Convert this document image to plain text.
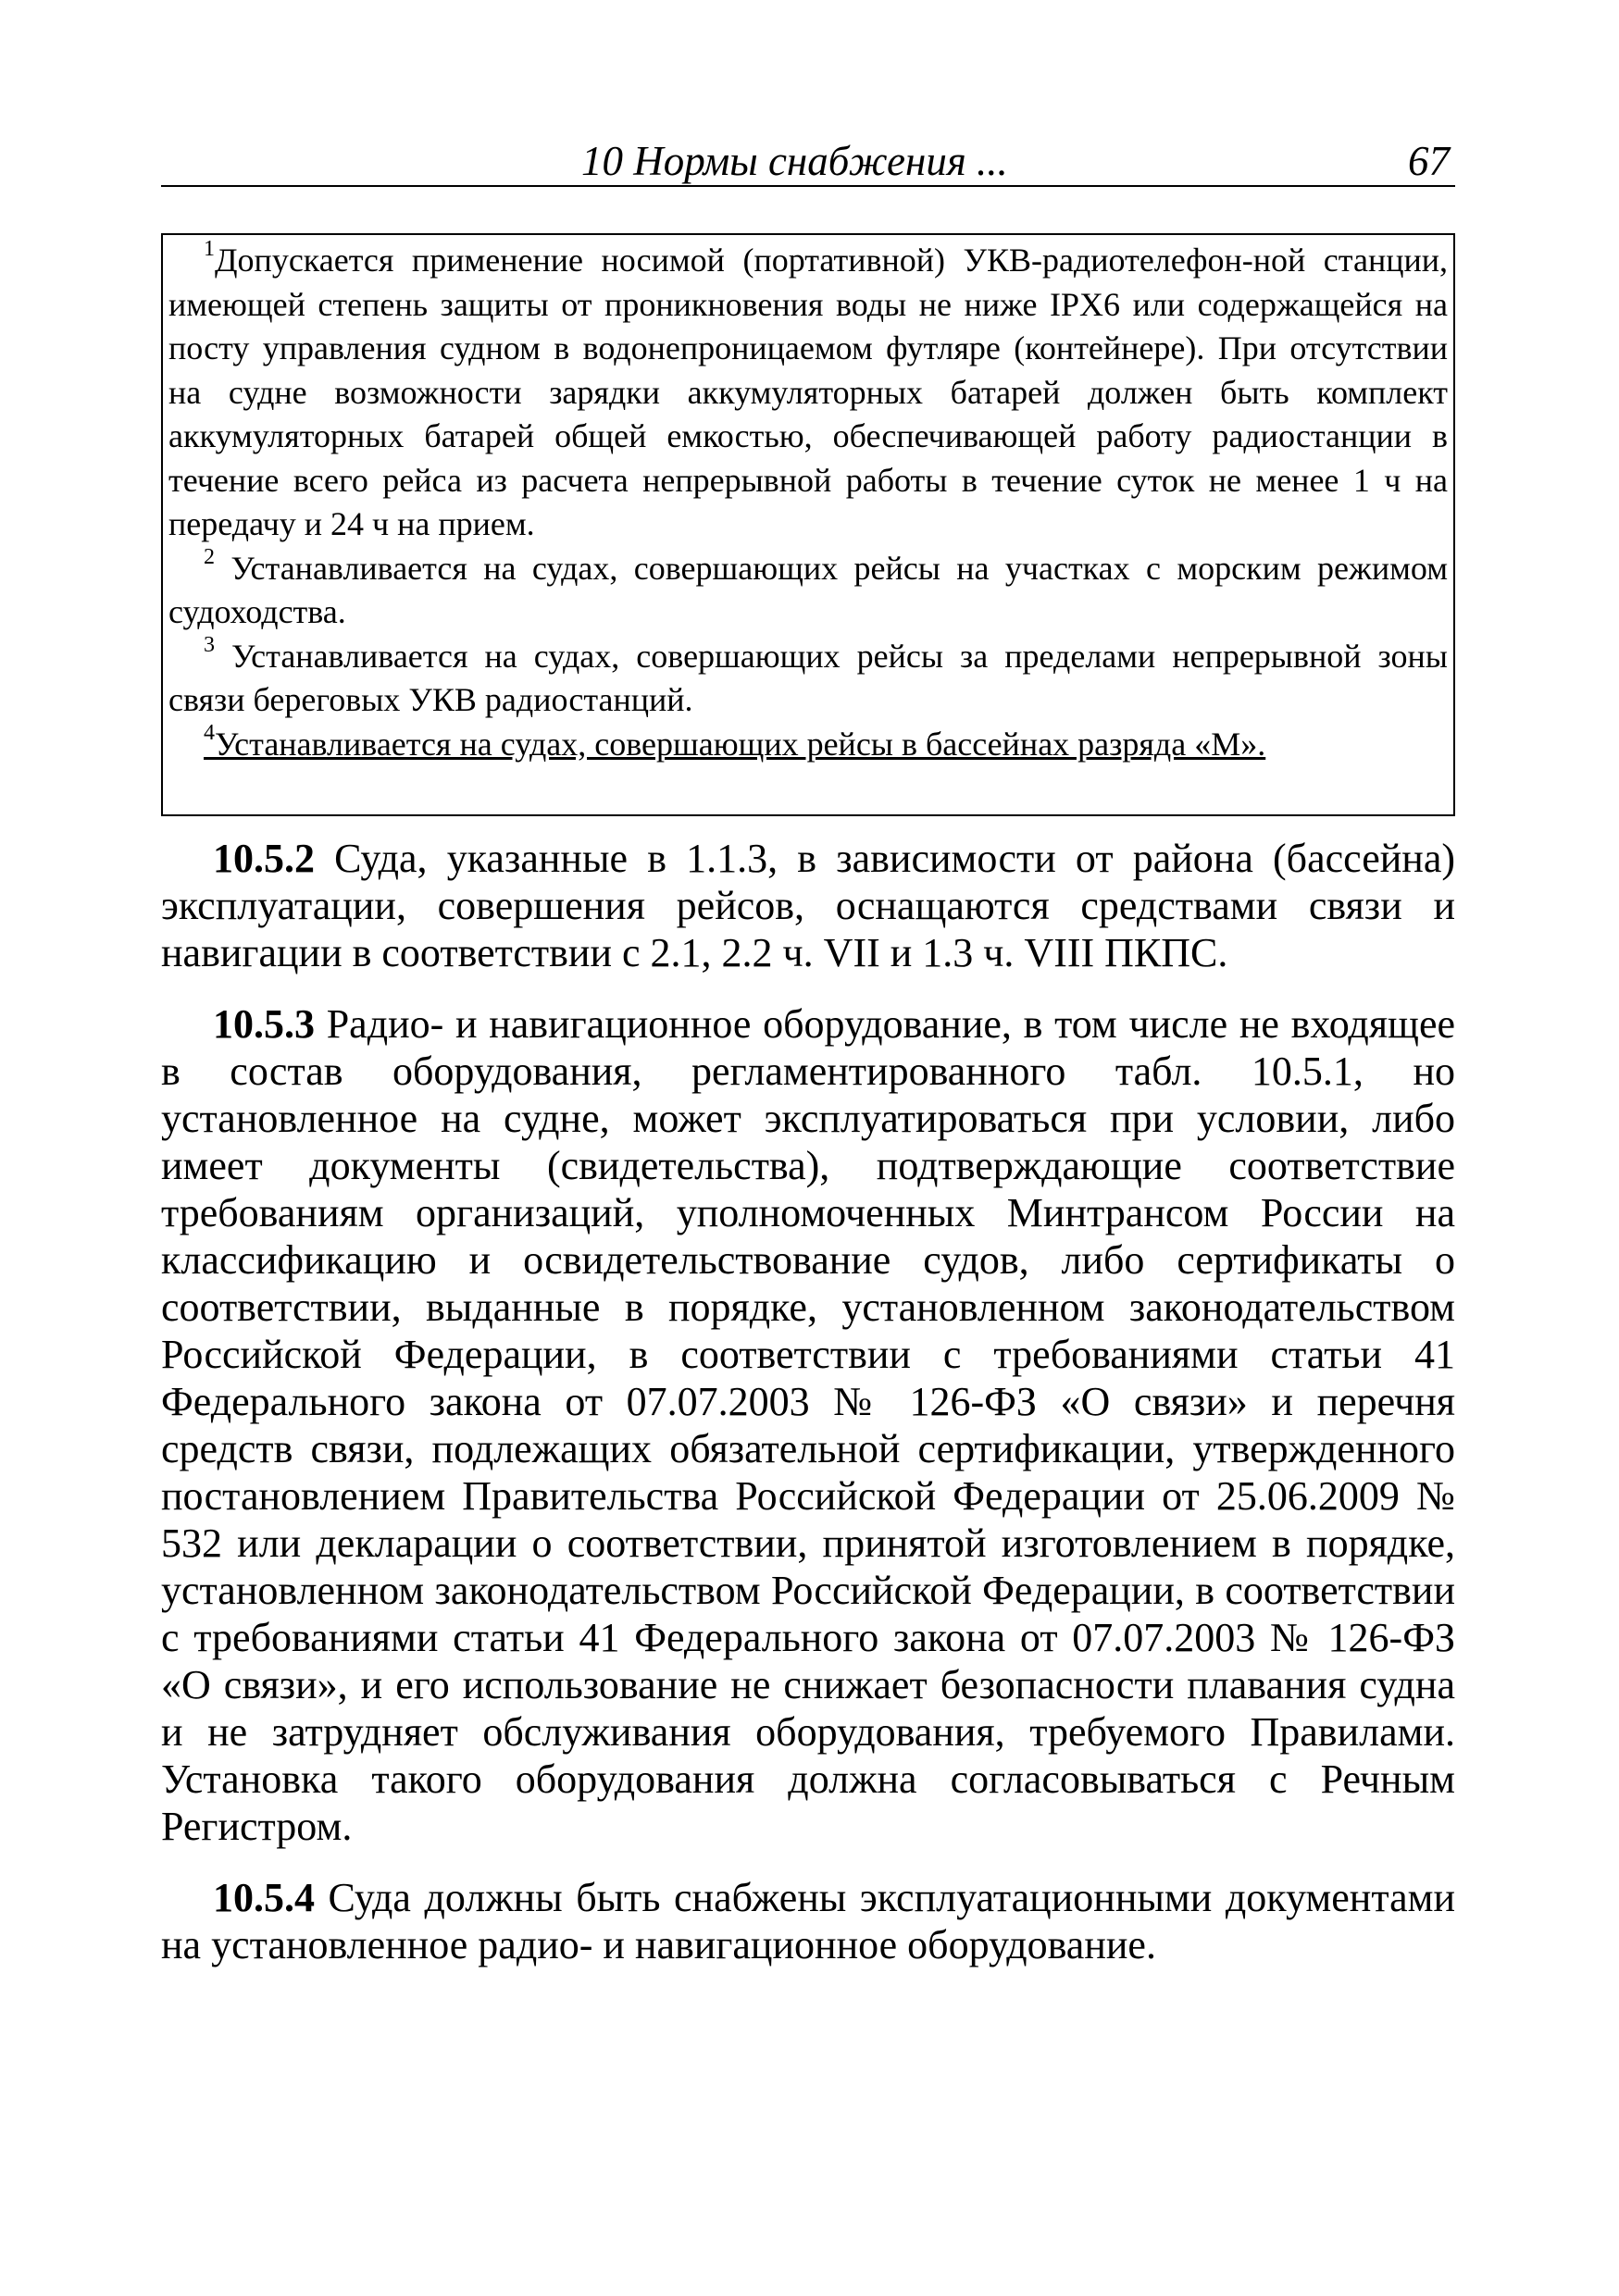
10 Нормы снабжения ...	67
$^1$Допускается применение носимой (портативной) УКВ-радиотелефон-ной станции, имеющей степень защиты от проникновения воды не ниже IPX6 или содержащейся на посту управления судном в водонепроницаемом футляре (контейнере). При отсутствии на судне возможности зарядки аккумуляторных батарей должен быть комплект аккумуляторных батарей общей емкостью, обеспечивающей работу радиостанции в течение всего рейса из расчета непрерывной работы в течение суток не менее 1 ч на передачу и 24 ч на прием.
$^2$ Устанавливается на судах, совершающих рейсы на участках с морским режимом судоходства.
$^3$ Устанавливается на судах, совершающих рейсы за пределами непрерывной зоны связи береговых УКВ радиостанций.
$^4$Устанавливается на судах, совершающих рейсы в бассейнах разряда «М».

10.5.2 Суда, указанные в 1.1.3, в зависимости от района (бассейна) эксплуатации, совершения рейсов, оснащаются средствами связи и навигации в соответствии с 2.1, 2.2 ч. VII и 1.3 ч. VIII ПКПС.

10.5.3 Радио- и навигационное оборудование, в том числе не входящее в состав оборудования, регламентированного табл. 10.5.1, но установленное на судне, может эксплуатироваться при условии, либо имеет документы (свидетельства), подтверждающие соответствие требованиям организаций, уполномоченных Минтрансом России на классификацию и освидетельствование судов, либо сертификаты о соответствии, выданные в порядке, установленном законодательством Российской Федерации, в соответствии с требованиями статьи 41 Федерального закона от 07.07.2003 № 126-ФЗ «О связи» и перечня средств связи, подлежащих обязательной сертификации, утвержденного постановлением Правительства Российской Федерации от 25.06.2009 № 532 или декларации о соответствии, принятой изготовлением в порядке, установленном законодательством Российской Федерации, в соответствии с требованиями статьи 41 Федерального закона от 07.07.2003 № 126-ФЗ «О связи», и его использование не снижает безопасности плавания судна и не затрудняет обслуживания оборудования, требуемого Правилами. Установка такого оборудования должна согласовываться с Речным Регистром.

10.5.4 Суда должны быть снабжены эксплуатационными документами на установленное радио- и навигационное оборудование.
